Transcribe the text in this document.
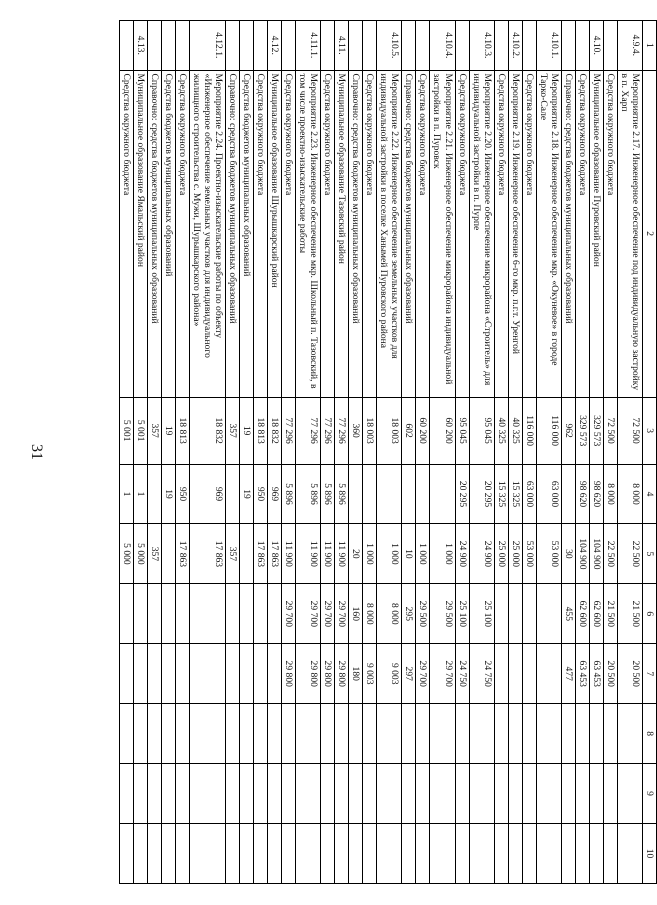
31
1	2	3	4	5	6	7	8	9	10
4.9.4.	Мероприятие 2.17. Инженерное обеспечение под индивидуальную застройку в п. Харп	72 500	8 000	22 500	21 500	20 500			
	Средства окружного бюджета	72 500	8 000	22 500	21 500	20 500			
4.10.	Муниципальное образование Пуровский район	329 573	98 620	104 900	62 600	63 453			
	Средства окружного бюджета	329 573	98 620	104 900	62 600	63 453			
	Справочно: средства бюджетов муниципальных образований	962		30	455	477			
4.10.1.	Мероприятие 2.18. Инженерное обеспечение мкр. «Окуневое» в городе Тарко-Сале	116 000	63 000	53 000					
	Средства окружного бюджета	116 000	63 000	53 000					
4.10.2.	Мероприятие 2.19. Инженерное обеспечение 6-го мкр. п.г.т. Уренгой	40 325	15 325	25 000					
	Средства окружного бюджета	40 325	15 325	25 000					
4.10.3.	Мероприятие 2.20. Инженерное обеспечение микрорайона «Строитель» для индивидуальной застройки в п. Пурпе	95 045	20 295	24 900	25 100	24 750			
	Средства окружного бюджета	95 045	20 295	24 900	25 100	24 750			
4.10.4.	Мероприятие 2.21. Инженерное обеспечение микрорайона индивидуальной застройки в п. Пуровск	60 200		1 000	29 500	29 700			
	Средства окружного бюджета	60 200		1 000	29 500	29 700			
	Справочно: средства бюджетов муниципальных образований	602		10	295	297			
4.10.5.	Мероприятие 2.22. Инженерное обеспечение земельных участков для индивидуальной застройки в поселке Ханымей Пуровского района	18 003		1 000	8 000	9 003			
	Средства окружного бюджета	18 003		1 000	8 000	9 003			
	Справочно: средства бюджетов муниципальных образований	360		20	160	180			
4.11.	Муниципальное образование Тазовский район	77 296	5 896	11 900	29 700	29 800			
	Средства окружного бюджета	77 296	5 896	11 900	29 700	29 800			
4.11.1.	Мероприятие 2.23. Инженерное обеспечение мкр. Школьный п. Тазовский, в том числе проектно-изыскательские работы	77 296	5 896	11 900	29 700	29 800			
	Средства окружного бюджета	77 296	5 896	11 900	29 700	29 800			
4.12.	Муниципальное образование Шурышкарский район	18 832	969	17 863					
	Средства окружного бюджета	18 813	950	17 863					
	Средства бюджетов муниципальных образований	19	19						
	Справочно: средства бюджетов муниципальных образований	357		357					
4.12.1.	Мероприятие 2.24. Проектно-изыскательские работы по объекту «Инженерное обеспечение земельных участков для индивидуального жилищного строительства с. Мужи, Шурышкарского района»	18 832	969	17 863					
	Средства окружного бюджета	18 813	950	17 863					
	Средства бюджетов муниципальных образований	19	19						
	Справочно: средства бюджетов муниципальных образований	357		357					
4.13.	Муниципальное образование Ямальский район	5 001	1	5 000					
	Средства окружного бюджета	5 001	1	5 000					
